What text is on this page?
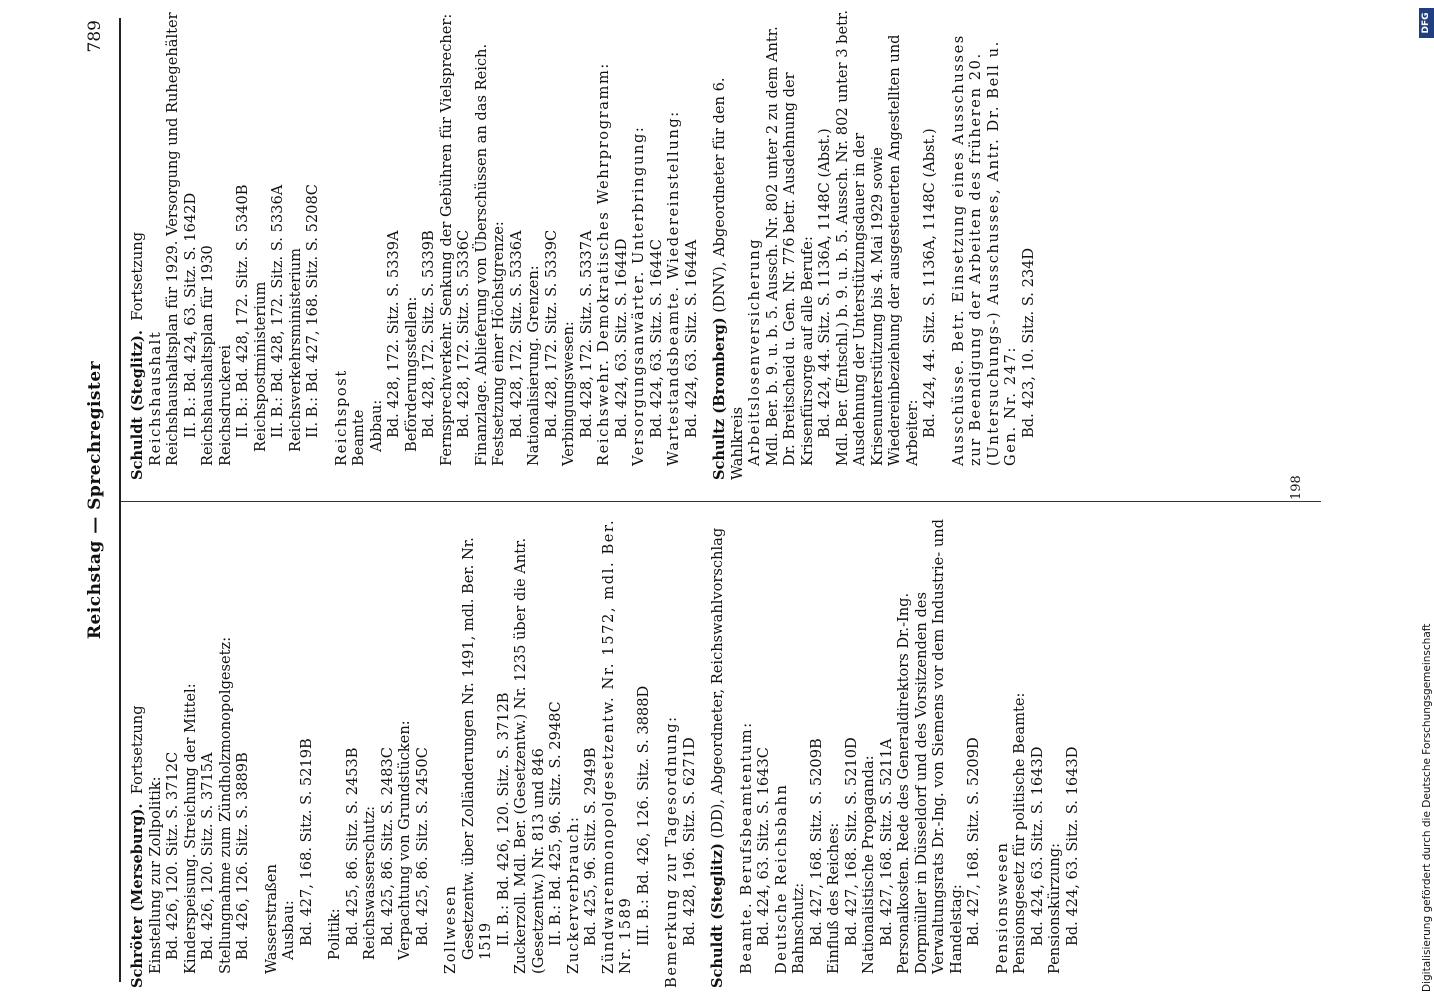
Reichstag — Sprechregister
789
Schröter (Merseburg).  Fortsetzung
Einstellung zur Zollpolitik: Bd. 426, 120. Sitz. S. 3712C Kinderspeisung. Streichung der Mittel: Bd. 426, 120. Sitz. S. 3715A Stellungnahme zum Zündholzmonopolgesetz: Bd. 426, 126. Sitz. S. 3889B Wasserstraßen Ausbau: Bd. 427, 168. Sitz. S. 5219B Politik: Bd. 425, 86. Sitz. S. 2453B Reichswasserschutz: Bd. 425, 86. Sitz. S. 2483C Verpachtung von Grundstücken: Bd. 425, 86. Sitz. S. 2450C Zollwesen Gesetzentw. über Zolländerungen Nr. 1491, mdl. Ber. Nr. 1519 II. B.: Bd. 426, 120. Sitz. S. 3712B Zuckerzoll. Mdl. Ber. (Gesetzentw.) Nr. 1235 über die Antr. (Gesetzentw.) Nr. 813 und 846 II. B.: Bd. 425, 96. Sitz. S. 2948C Zuckerverbrauch: Bd. 425, 96. Sitz. S. 2949B Zündwarenmonopolgesetzentw. Nr. 1572, mdl. Ber. Nr. 1589 III. B.: Bd. 426, 126. Sitz. S. 3888D Bemerkung zur Tagesordnung: Bd. 428, 196. Sitz. S. 6271D Schuldt (Steglitz) (DD), Abgeordneter, Reichswahlvorschlag
Beamte. Berufsbeamtentum: Bd. 424, 63. Sitz. S. 1643C Deutsche Reichsbahn Bahnschutz: Bd. 427, 168. Sitz. S. 5209B Einfluß des Reiches: Bd. 427, 168. Sitz. S. 5210D Nationalistische Propaganda: Bd. 427, 168. Sitz. S. 5211A Personalkosten. Rede des Generaldirektors Dr.-Ing. Dorpmüller in Düsseldorf und des Vorsitzenden des Verwaltungsrats Dr.-Ing. von Siemens vor dem Industrie- und Handelstag: Bd. 427, 168. Sitz. S. 5209D Pensionswesen Pensionsgesetz für politische Beamte: Bd. 424, 63. Sitz. S. 1643D Pensionskürzung: Bd. 424, 63. Sitz. S. 1643D
Schuldt (Steglitz).  Fortsetzung
Reichshaushalt Reichshaushaltsplan für 1929. Versorgung und Ruhegehälter II. B.: Bd. 424, 63. Sitz. S. 1642D Reichshaushaltsplan für 1930 Reichsdruckerei II. B.: Bd. 428, 172. Sitz. S. 5340B Reichspostministerium II. B.: Bd. 428, 172. Sitz. S. 5336A Reichsverkehrsministerium II. B.: Bd. 427, 168. Sitz. S. 5208C Reichspost Beamte Abbau: Bd. 428, 172. Sitz. S. 5339A Beförderungsstellen: Bd. 428, 172. Sitz. S. 5339B Fernsprechverkehr. Senkung der Gebühren für Vielsprecher: Bd. 428, 172. Sitz. S. 5336C Finanzlage. Ablieferung von Überschüssen an das Reich. Festsetzung einer Höchstgrenze: Bd. 428, 172. Sitz. S. 5336A Nationalisierung. Grenzen: Bd. 428, 172. Sitz. S. 5339C Verbingungswesen: Bd. 428, 172. Sitz. S. 5337A Reichswehr. Demokratisches Wehrprogramm: Bd. 424, 63. Sitz. S. 1644D Versorgungsanwärter. Unterbringung: Bd. 424, 63. Sitz. S. 1644C Wartestandsbeamte. Wiedereinstellung: Bd. 424, 63. Sitz. S. 1644A Schultz (Bromberg) (DNV), Abgeordneter für den 6. Wahlkreis Arbeitslosenversicherung Mdl. Ber. b. 9. u. b. 5. Aussch. Nr. 802 unter 2 zu dem Antr. Dr. Breitscheid u. Gen. Nr. 776 betr. Ausdehnung der Krisenfürsorge auf alle Berufe: Bd. 424, 44. Sitz. S. 1136A, 1148C (Abst.) Mdl. Ber. (Entschl.) b. 9. u. b. 5. Aussch. Nr. 802 unter 3 betr. Ausdehnung der Unterstützungsdauer in der Krisenunterstützung bis 4. Mai 1929 sowie Wiedereinbeziehung der ausgesteuerten Angestellten und Arbeiter: Bd. 424, 44. Sitz. S. 1136A, 1148C (Abst.) Ausschüsse. Betr. Einsetzung eines Ausschusses zur Beendigung der Arbeiten des früheren 20. (Untersuchungs-) Ausschusses, Antr. Dr. Bell u. Gen. Nr. 247: Bd. 423, 10. Sitz. S. 234D
198
Digitalisierung gefördert durch die Deutsche Forschungsgemeinschaft
DFG
